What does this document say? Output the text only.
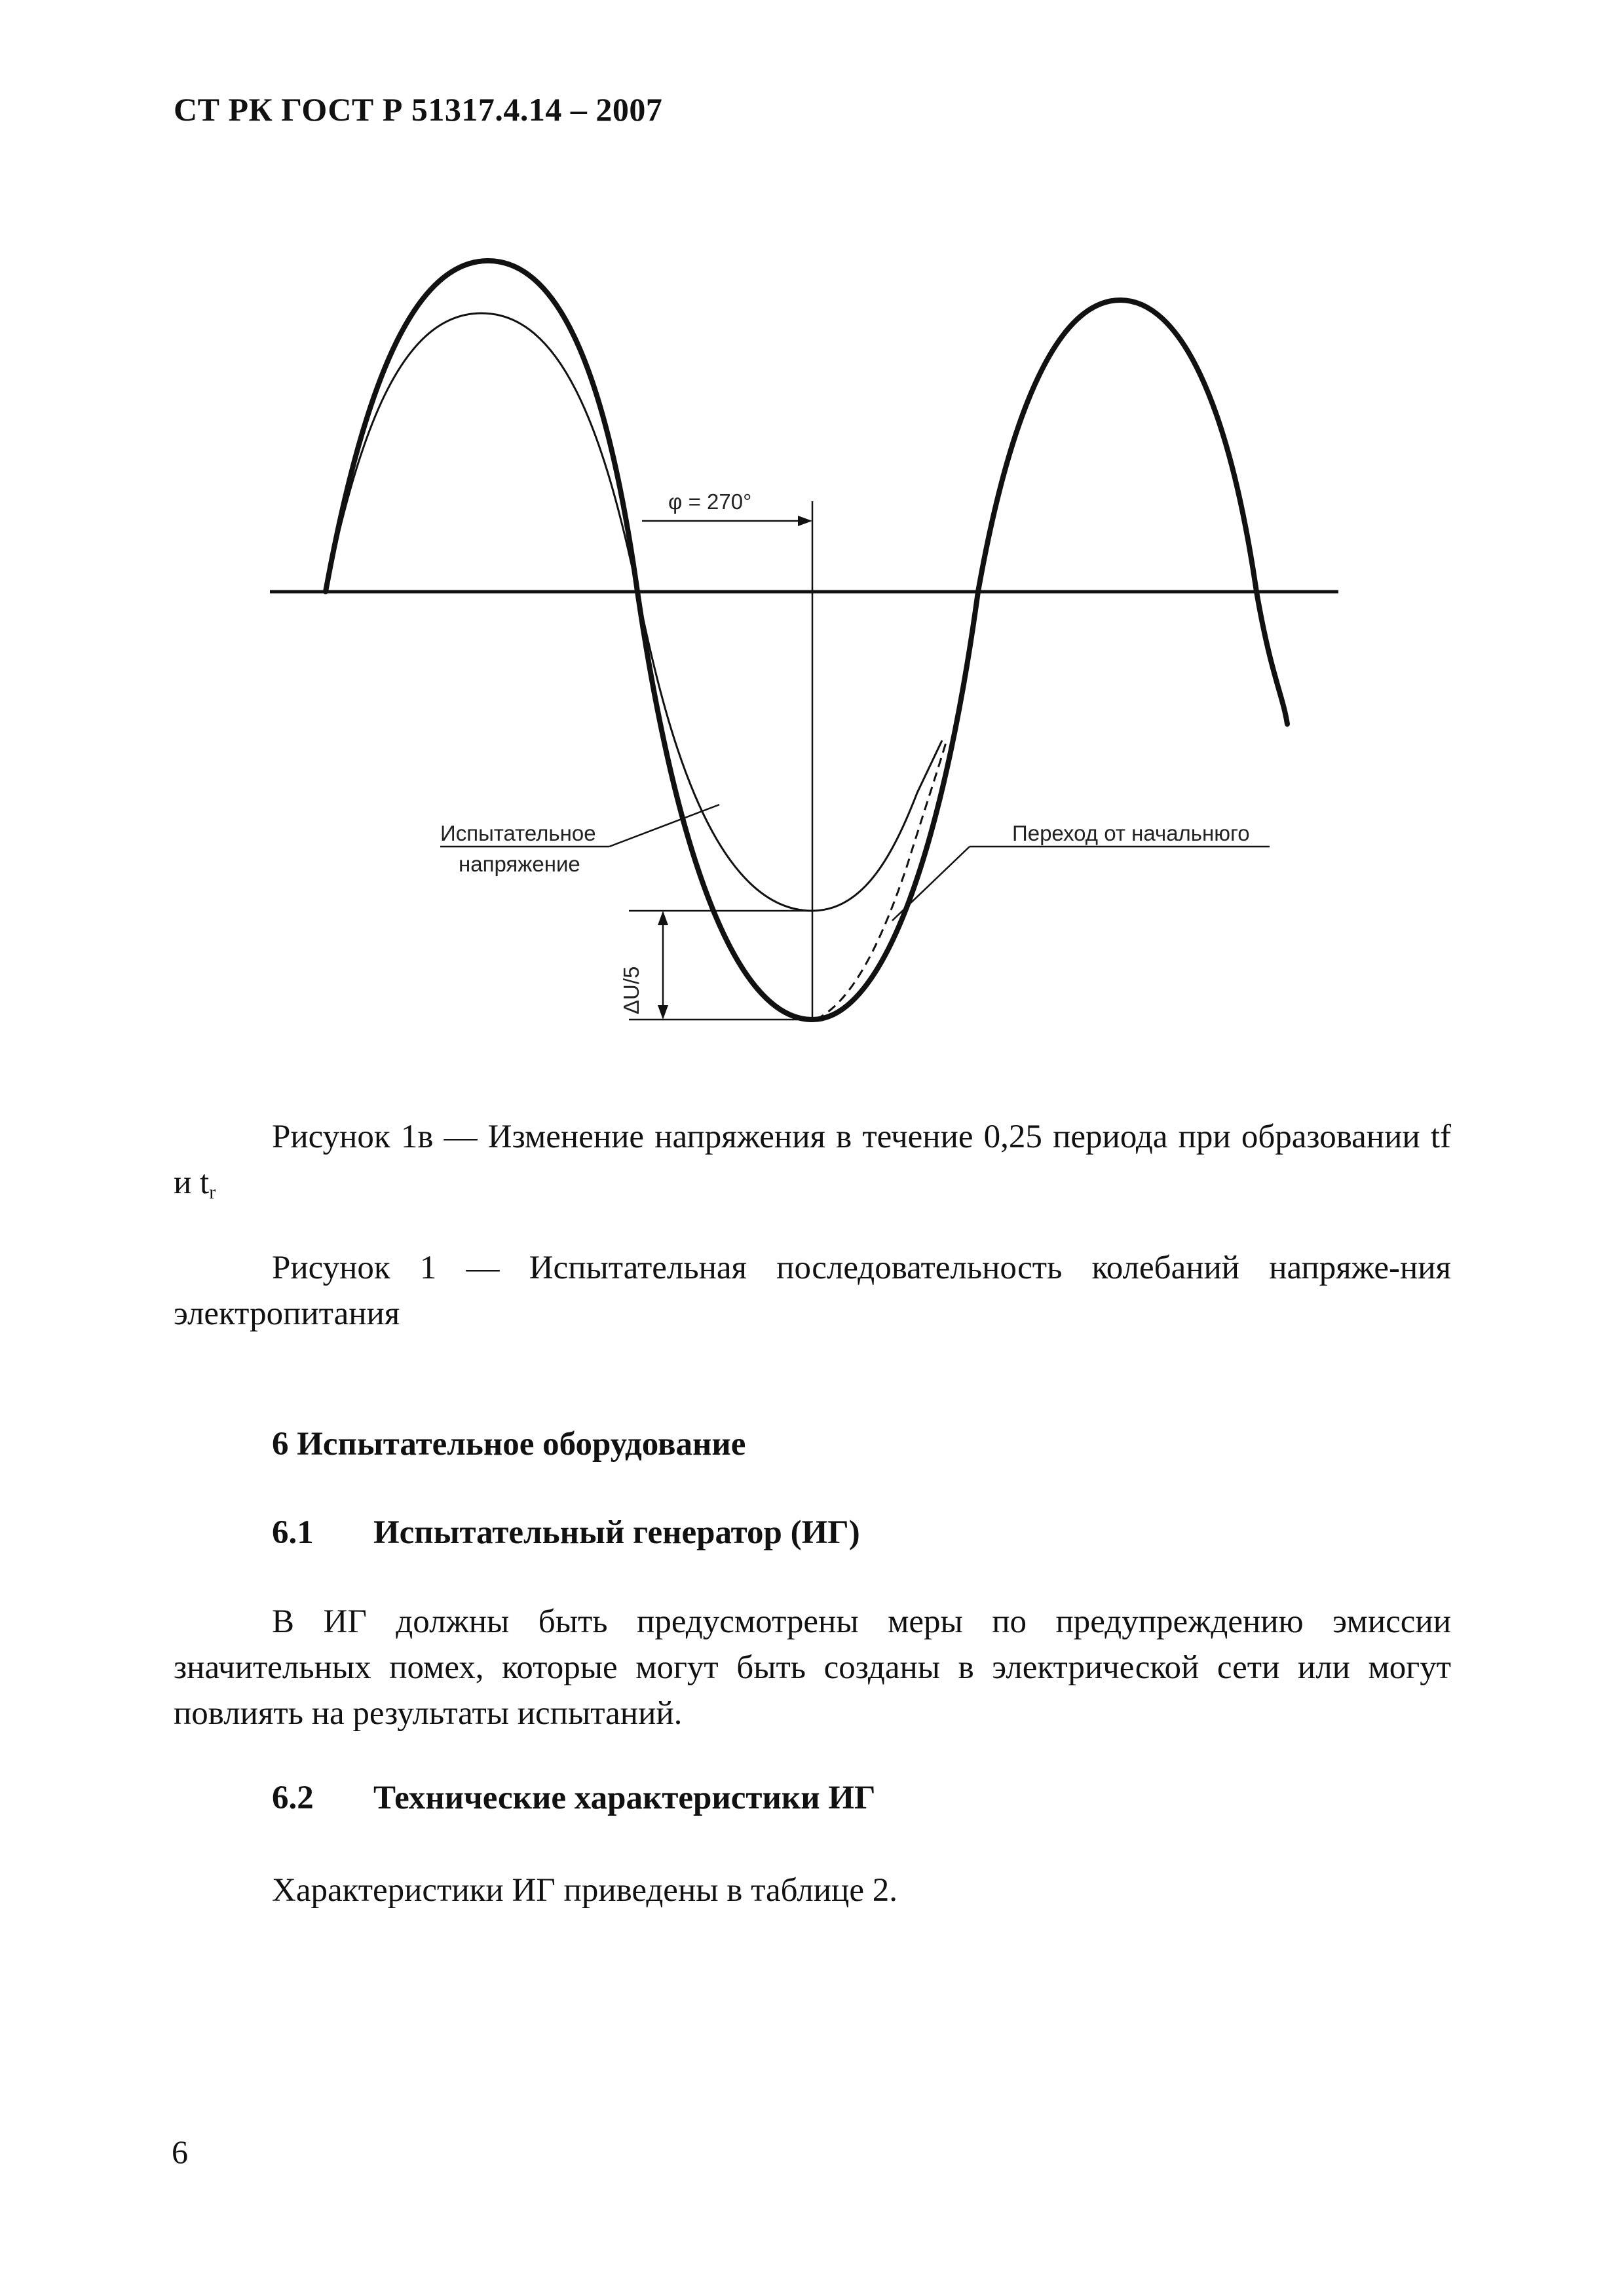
СТ РК ГОСТ Р 51317.4.14 – 2007
φ = 270°
ΔU/5
Испытательное
напряжение
Переход от начальнюго
Рисунок 1в — Изменение напряжения в течение 0,25 периода при образовании tf и $t_r$
Рисунок 1 — Испытательная последовательность колебаний напряже-ния электропитания
6 Испытательное оборудование
6.1 Испытательный генератор (ИГ)
В ИГ должны быть предусмотрены меры по предупреждению эмиссии значительных помех, которые могут быть созданы в электрической сети или могут повлиять на результаты испытаний.
6.2 Технические характеристики ИГ
Характеристики ИГ приведены в таблице 2.
6
